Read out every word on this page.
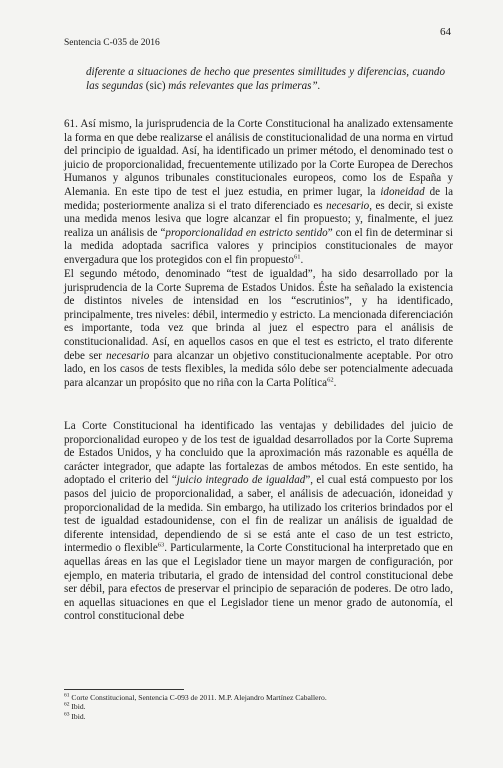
Sentencia C-035 de 2016
64
diferente a situaciones de hecho que presentes similitudes y diferencias, cuando las segundas (sic) más relevantes que las primeras”.

61. Así mismo, la jurisprudencia de la Corte Constitucional ha analizado extensamente la forma en que debe realizarse el análisis de constitucionalidad de una norma en virtud del principio de igualdad. Así, ha identificado un primer método, el denominado test o juicio de proporcionalidad, frecuentemente utilizado por la Corte Europea de Derechos Humanos y algunos tribunales constitucionales europeos, como los de España y Alemania. En este tipo de test el juez estudia, en primer lugar, la idoneidad de la medida; posteriormente analiza si el trato diferenciado es necesario, es decir, si existe una medida menos lesiva que logre alcanzar el fin propuesto; y, finalmente, el juez realiza un análisis de “proporcionalidad en estricto sentido” con el fin de determinar si la medida adoptada sacrifica valores y principios constitucionales de mayor envergadura que los protegidos con el fin propuesto$^{61}$.

El segundo método, denominado “test de igualdad”, ha sido desarrollado por la jurisprudencia de la Corte Suprema de Estados Unidos. Éste ha señalado la existencia de distintos niveles de intensidad en los “escrutinios”, y ha identificado, principalmente, tres niveles: débil, intermedio y estricto. La mencionada diferenciación es importante, toda vez que brinda al juez el espectro para el análisis de constitucionalidad. Así, en aquellos casos en que el test es estricto, el trato diferente debe ser necesario para alcanzar un objetivo constitucionalmente aceptable. Por otro lado, en los casos de tests flexibles, la medida sólo debe ser potencialmente adecuada para alcanzar un propósito que no riña con la Carta Política$^{62}$.

La Corte Constitucional ha identificado las ventajas y debilidades del juicio de proporcionalidad europeo y de los test de igualdad desarrollados por la Corte Suprema de Estados Unidos, y ha concluido que la aproximación más razonable es aquélla de carácter integrador, que adapte las fortalezas de ambos métodos. En este sentido, ha adoptado el criterio del “juicio integrado de igualdad”, el cual está compuesto por los pasos del juicio de proporcionalidad, a saber, el análisis de adecuación, idoneidad y proporcionalidad de la medida. Sin embargo, ha utilizado los criterios brindados por el test de igualdad estadounidense, con el fin de realizar un análisis de igualdad de diferente intensidad, dependiendo de si se está ante el caso de un test estricto, intermedio o flexible$^{63}$. Particularmente, la Corte Constitucional ha interpretado que en aquellas áreas en las que el Legislador tiene un mayor margen de configuración, por ejemplo, en materia tributaria, el grado de intensidad del control constitucional debe ser débil, para efectos de preservar el principio de separación de poderes. De otro lado, en aquellas situaciones en que el Legislador tiene un menor grado de autonomía, el control constitucional debe

$^{61}$ Corte Constitucional, Sentencia C-093 de 2011. M.P. Alejandro Martínez Caballero.
$^{62}$ Ibid.
$^{63}$ Ibid.
